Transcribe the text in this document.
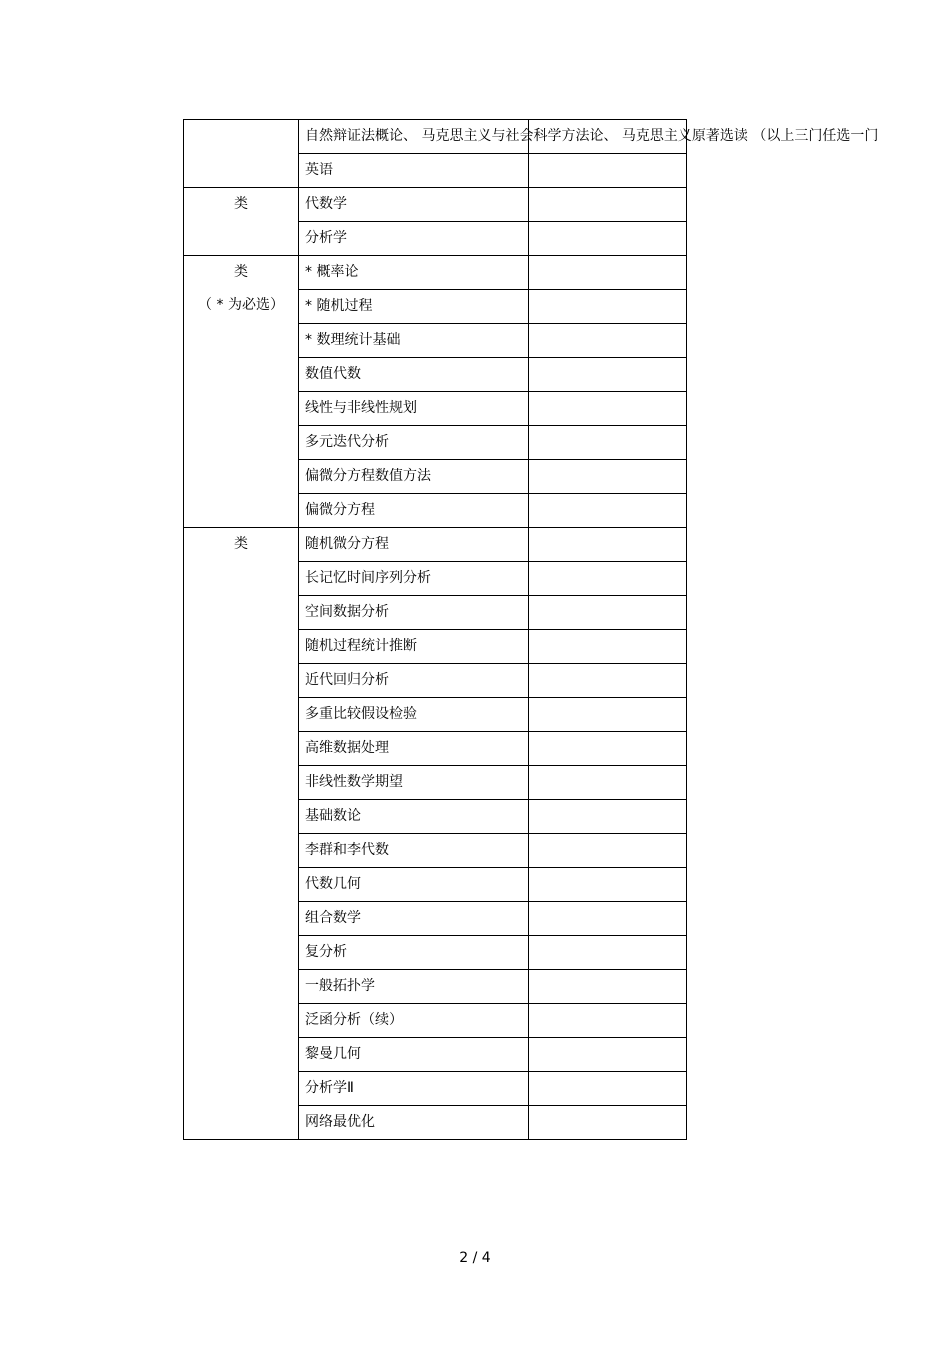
	自然辩证法概论、 马克思主义与社会科学方法论、 马克思主义原著选读 （以上三门任选一门	
	英语	

类	代数学	
	分析学	

类
（ * 为必选）	* 概率论	
	* 随机过程	
	* 数理统计基础	
	数值代数	
	线性与非线性规划	
	多元迭代分析	
	偏微分方程数值方法	
	偏微分方程	

类	随机微分方程	
	长记忆时间序列分析	
	空间数据分析	
	随机过程统计推断	
	近代回归分析	
	多重比较假设检验	
	高维数据处理	
	非线性数学期望	
	基础数论	
	李群和李代数	
	代数几何	
	组合数学	
	复分析	
	一般拓扑学	
	泛函分析（续）	
	黎曼几何	
	分析学Ⅱ	
	网络最优化	
2 / 4
